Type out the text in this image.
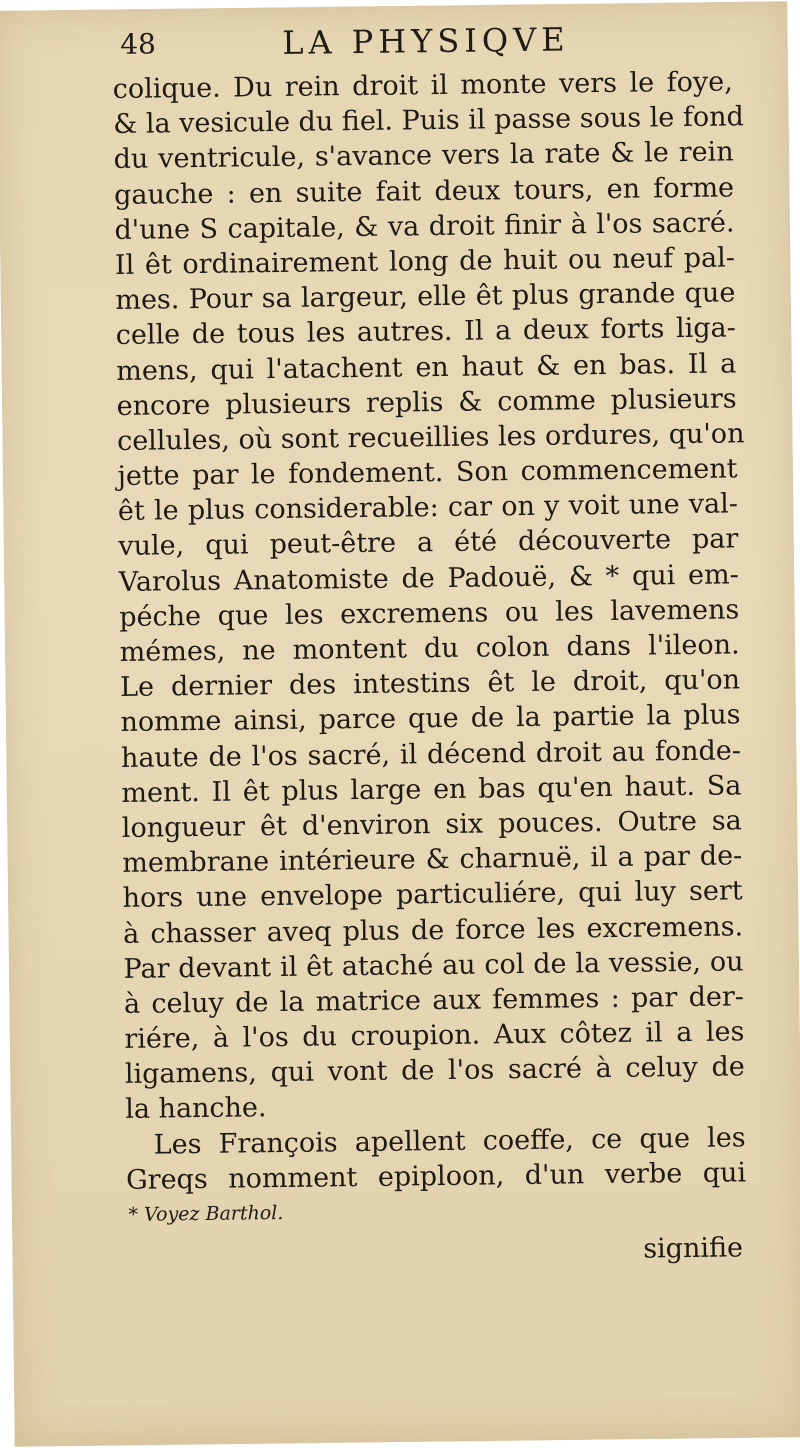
48	LA PHYSIQVE
colique. Du rein droit il monte vers le foye,
& la vesicule du fiel. Puis il passe sous le fond
du ventricule, s'avance vers la rate & le rein
gauche : en suite fait deux tours, en forme
d'une S capitale, & va droit finir à l'os sacré.
Il êt ordinairement long de huit ou neuf pal-
mes. Pour sa largeur, elle êt plus grande que
celle de tous les autres. Il a deux forts liga-
mens, qui l'atachent en haut & en bas. Il a
encore plusieurs replis & comme plusieurs
cellules, où sont recueillies les ordures, qu'on
jette par le fondement. Son commencement
êt le plus considerable: car on y voit une val-
vule, qui peut-être a été découverte par
Varolus Anatomiste de Padouë, & * qui em-
péche que les excremens ou les lavemens
mémes, ne montent du colon dans l'ileon.
Le dernier des intestins êt le droit, qu'on
nomme ainsi, parce que de la partie la plus
haute de l'os sacré, il décend droit au fonde-
ment. Il êt plus large en bas qu'en haut. Sa
longueur êt d'environ six pouces. Outre sa
membrane intérieure & charnuë, il a par de-
hors une envelope particuliére, qui luy sert
à chasser aveq plus de force les excremens.
Par devant il êt ataché au col de la vessie, ou
à celuy de la matrice aux femmes : par der-
riére, à l'os du croupion. Aux côtez il a les
ligamens, qui vont de l'os sacré à celuy de
la hanche.
Les François apellent coeffe, ce que les
Greqs nomment epiploon, d'un verbe qui
* Voyez Barthol.
signifie
